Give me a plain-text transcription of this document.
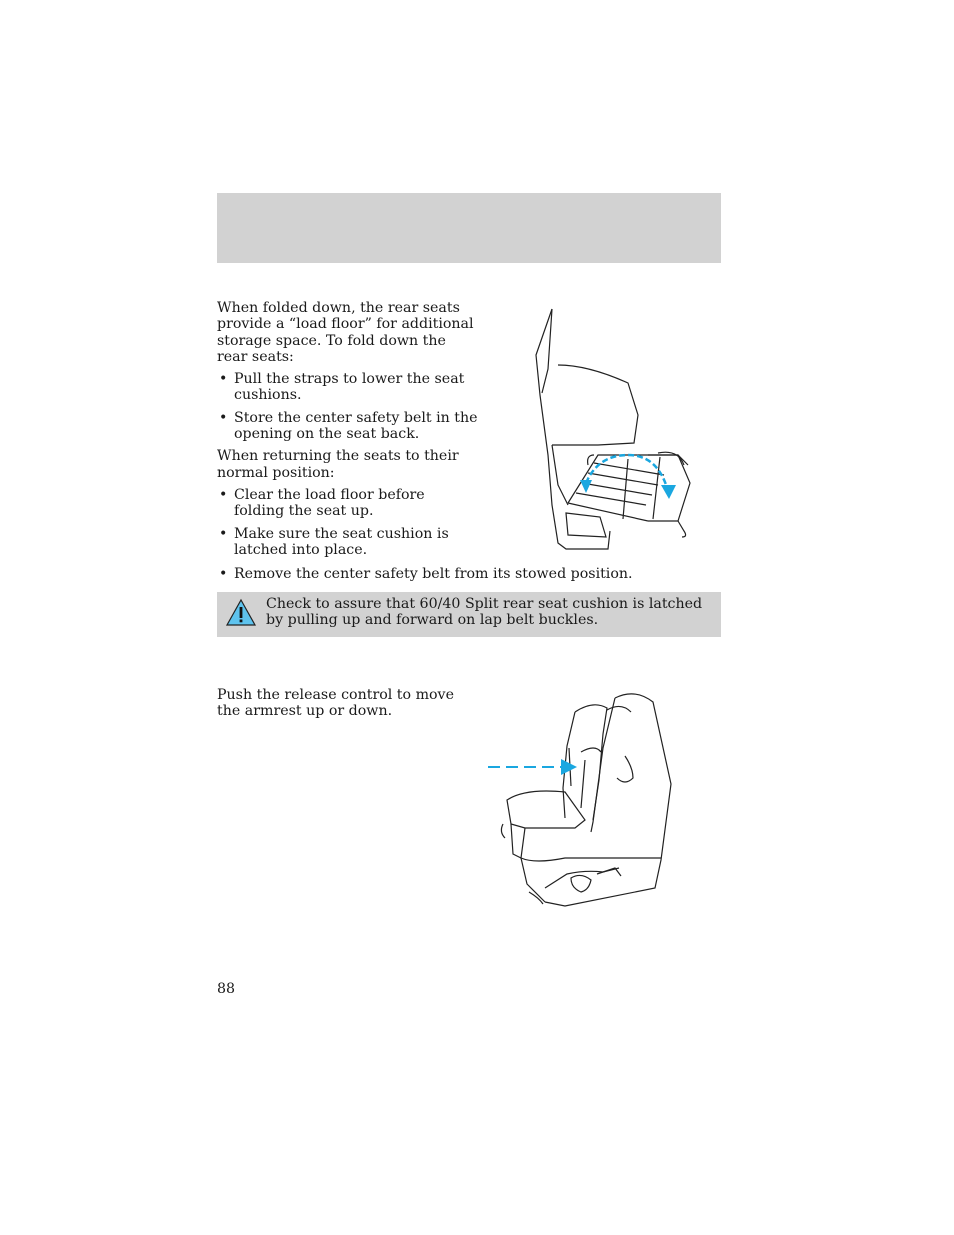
When folded down, the rear seats provide a “load floor” for additional storage space. To fold down the rear seats:

• Pull the straps to lower the seat cushions.
• Store the center safety belt in the opening on the seat back.

When returning the seats to their normal position:

• Clear the load floor before folding the seat up.
• Make sure the seat cushion is latched into place.
• Remove the center safety belt from its stowed position.
Check to assure that 60/40 Split rear seat cushion is latched by pulling up and forward on lap belt buckles.
Push the release control to move the armrest up or down.
88
